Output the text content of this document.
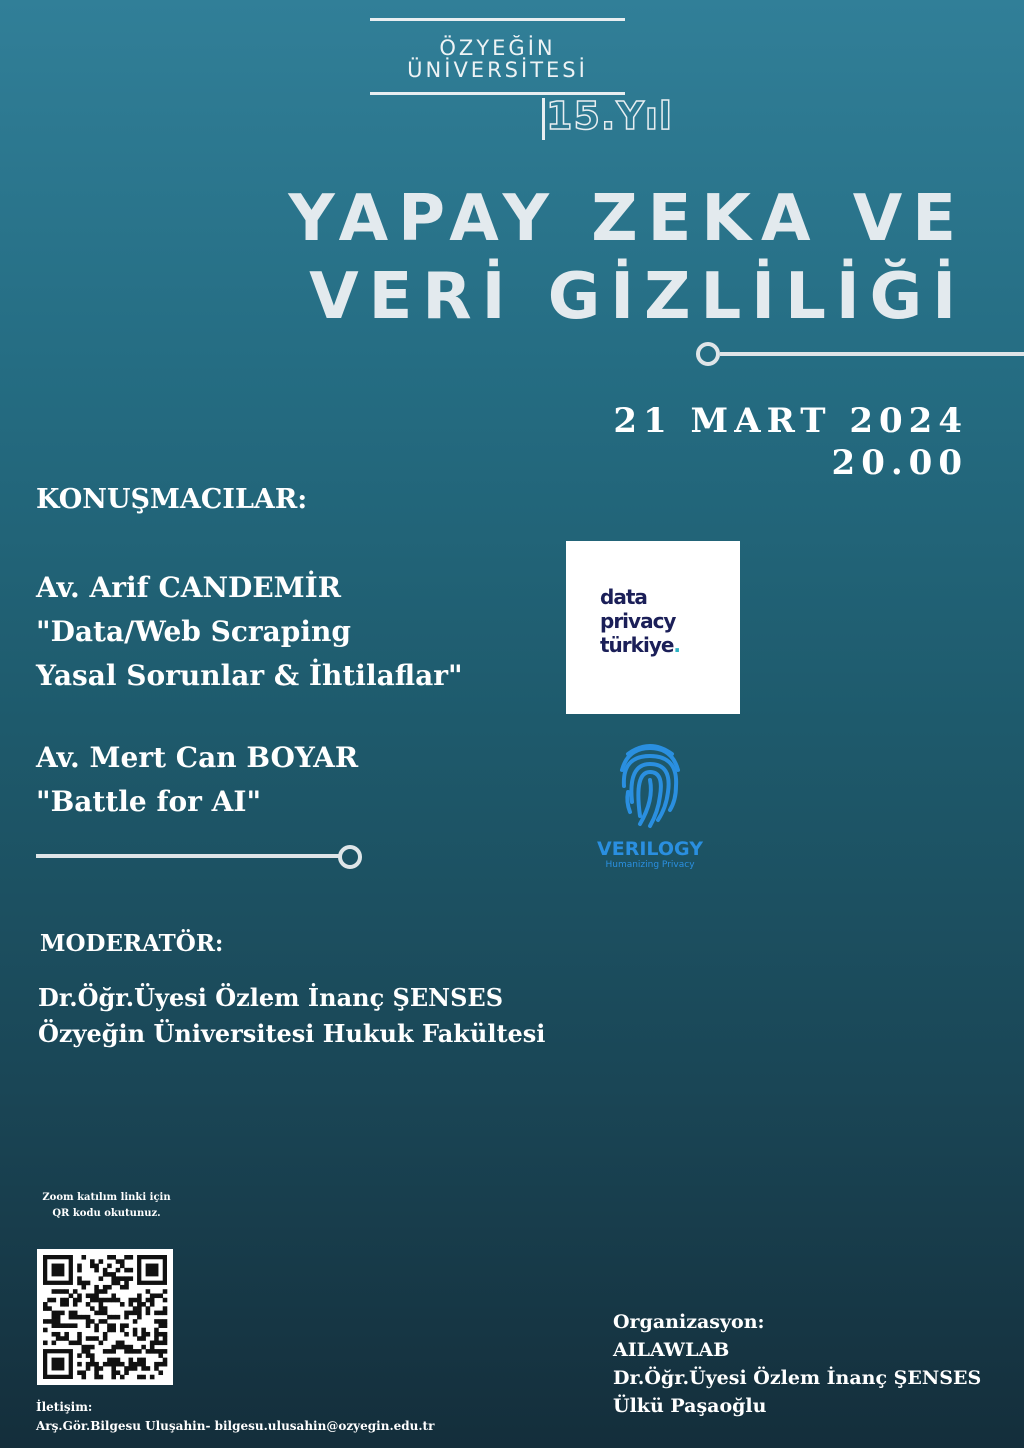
ÖZYEĞİN
ÜNİVERSİTESİ
15.Yıl
YAPAY ZEKA VE
VERİ GİZLİLİĞİ
21 MART 2024
20.00
KONUŞMACILAR:
Av. Arif CANDEMİR
"Data/Web Scraping
Yasal Sorunlar & İhtilaflar"
Av. Mert Can BOYAR
"Battle for AI"
data
privacy
türkiye.
VERILOGY
Humanizing Privacy
MODERATÖR:
Dr.Öğr.Üyesi Özlem İnanç ŞENSES
Özyeğin Üniversitesi Hukuk Fakültesi
Zoom katılım linki için
QR kodu okutunuz.
İletişim:
Arş.Gör.Bilgesu Uluşahin- bilgesu.ulusahin@ozyegin.edu.tr
Organizasyon:
AILAWLAB
Dr.Öğr.Üyesi Özlem İnanç ŞENSES
Ülkü Paşaoğlu
